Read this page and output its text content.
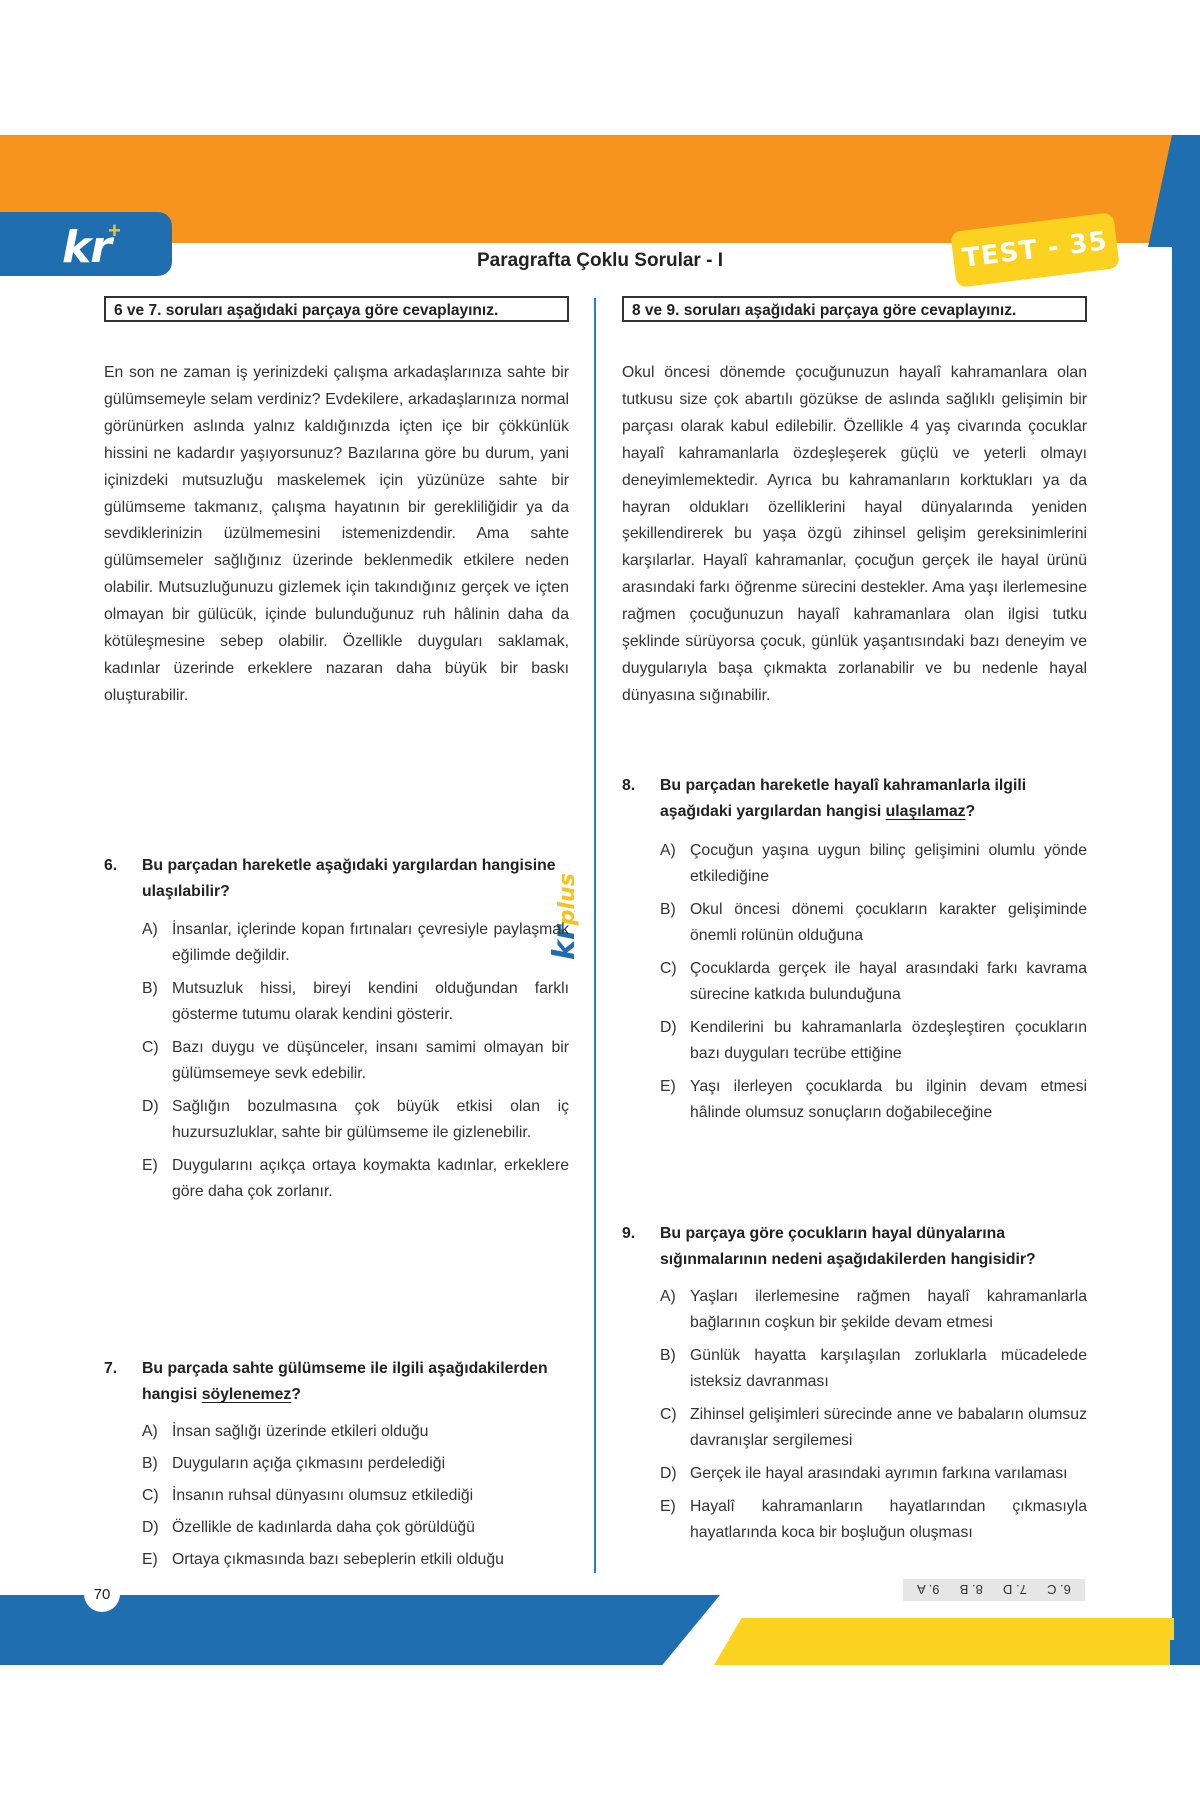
kr
+
Paragrafta Çoklu Sorular - I	TEST - 35
6 ve 7. soruları aşağıdaki parçaya göre cevaplayınız.	8 ve 9. soruları aşağıdaki parçaya göre cevaplayınız.

En son ne zaman iş yerinizdeki çalışma arkadaşlarınıza sahte bir gülümsemeyle selam verdiniz? Evdekilere, arkadaşlarınıza normal görünürken aslında yalnız kaldığınızda içten içe bir çökkünlük hissini ne kadardır yaşıyorsunuz? Bazılarına göre bu durum, yani içinizdeki mutsuzluğu maskelemek için yüzünüze sahte bir gülümseme takmanız, çalışma hayatının bir gerekliliğidir ya da sevdiklerinizin üzülmemesini istemenizdendir. Ama sahte gülümsemeler sağlığınız üzerinde beklenmedik etkilere neden olabilir. Mutsuzluğunuzu gizlemek için takındığınız gerçek ve içten olmayan bir gülücük, içinde bulunduğunuz ruh hâlinin daha da kötüleşmesine sebep olabilir. Özellikle duyguları saklamak, kadınlar üzerinde erkeklere nazaran daha büyük bir baskı oluşturabilir.

Okul öncesi dönemde çocuğunuzun hayalî kahramanlara olan tutkusu size çok abartılı gözükse de aslında sağlıklı gelişimin bir parçası olarak kabul edilebilir. Özellikle 4 yaş civarında çocuklar hayalî kahramanlarla özdeşleşerek güçlü ve yeterli olmayı deneyimlemektedir. Ayrıca bu kahramanların korktukları ya da hayran oldukları özelliklerini hayal dünyalarında yeniden şekillendirerek bu yaşa özgü zihinsel gelişim gereksinimlerini karşılarlar. Hayalî kahramanlar, çocuğun gerçek ile hayal ürünü arasındaki farkı öğrenme sürecini destekler. Ama yaşı ilerlemesine rağmen çocuğunuzun hayalî kahramanlara olan ilgisi tutku şeklinde sürüyorsa çocuk, günlük yaşantısındaki bazı deneyim ve duygularıyla başa çıkmakta zorlanabilir ve bu nedenle hayal dünyasına sığınabilir.

krplus
6. Bu parçadan hareketle aşağıdaki yargılardan hangisine ulaşılabilir?
A) İnsanlar, içlerinde kopan fırtınaları çevresiyle paylaşmak eğilimde değildir.
B) Mutsuzluk hissi, bireyi kendini olduğundan farklı gösterme tutumu olarak kendini gösterir.
C) Bazı duygu ve düşünceler, insanı samimi olmayan bir gülümsemeye sevk edebilir.
D) Sağlığın bozulmasına çok büyük etkisi olan iç huzursuzluklar, sahte bir gülümseme ile gizlenebilir.
E) Duygularını açıkça ortaya koymakta kadınlar, erkeklere göre daha çok zorlanır.
7. Bu parçada sahte gülümseme ile ilgili aşağıdakilerden hangisi söylenemez?
A) İnsan sağlığı üzerinde etkileri olduğu
B) Duyguların açığa çıkmasını perdelediği
C) İnsanın ruhsal dünyasını olumsuz etkilediği
D) Özellikle de kadınlarda daha çok görüldüğü
E) Ortaya çıkmasında bazı sebeplerin etkili olduğu
8. Bu parçadan hareketle hayalî kahramanlarla ilgili aşağıdaki yargılardan hangisi ulaşılamaz?
A) Çocuğun yaşına uygun bilinç gelişimini olumlu yönde etkilediğine
B) Okul öncesi dönemi çocukların karakter gelişiminde önemli rolünün olduğuna
C) Çocuklarda gerçek ile hayal arasındaki farkı kavrama sürecine katkıda bulunduğuna
D) Kendilerini bu kahramanlarla özdeşleştiren çocukların bazı duyguları tecrübe ettiğine
E) Yaşı ilerleyen çocuklarda bu ilginin devam etmesi hâlinde olumsuz sonuçların doğabileceğine
9. Bu parçaya göre çocukların hayal dünyalarına sığınmalarının nedeni aşağıdakilerden hangisidir?
A) Yaşları ilerlemesine rağmen hayalî kahramanlarla bağlarının coşkun bir şekilde devam etmesi
B) Günlük hayatta karşılaşılan zorluklarla mücadelede isteksiz davranması
C) Zihinsel gelişimleri sürecinde anne ve babaların olumsuz davranışlar sergilemesi
D) Gerçek ile hayal arasındaki ayrımın farkına varılaması
E) Hayalî kahramanların hayatlarından çıkmasıyla hayatlarında koca bir boşluğun oluşması
70	6. C
7. D
8. B
9. A
